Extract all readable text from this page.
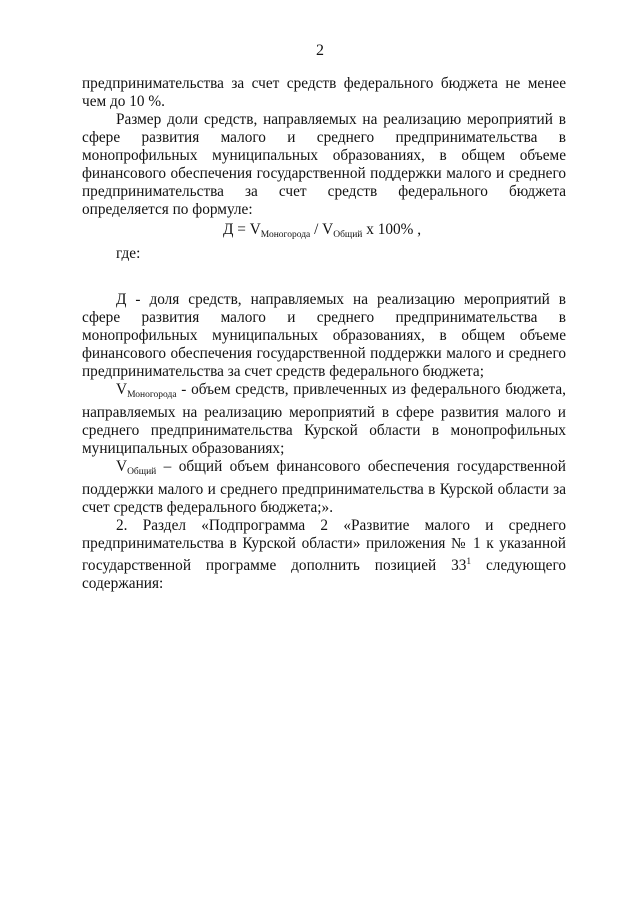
2

предпринимательства за счет средств федерального бюджета не менее чем до 10 %.

Размер доли средств, направляемых на реализацию мероприятий в сфере развития малого и среднего предпринимательства в монопрофильных муниципальных образованиях, в общем объеме финансового обеспечения государственной поддержки малого и среднего предпринимательства за счет средств федерального бюджета определяется по формуле:

$Д = V_{Моногорода} / V_{Общий}$ х 100% ,
где:

Д - доля средств, направляемых на реализацию мероприятий в сфере развития малого и среднего предпринимательства в монопрофильных муниципальных образованиях, в общем объеме финансового обеспечения государственной поддержки малого и среднего предпринимательства за счет средств федерального бюджета;

$V_{Моногорода}$ - объем средств, привлеченных из федерального бюджета, направляемых на реализацию мероприятий в сфере развития малого и среднего предпринимательства Курской области в монопрофильных муниципальных образованиях;

$V_{Общий}$ – общий объем финансового обеспечения государственной поддержки малого и среднего предпринимательства в Курской области за счет средств федерального бюджета;».

2. Раздел «Подпрограмма 2 «Развитие малого и среднего предпринимательства в Курской области» приложения № 1 к указанной государственной программе дополнить позицией $33^1$ следующего содержания:
